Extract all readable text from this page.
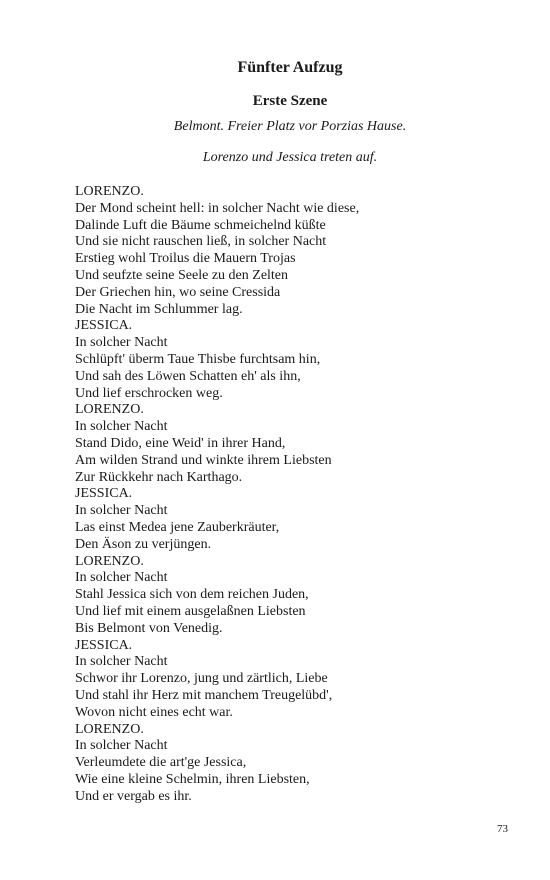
Fünfter Aufzug
Erste Szene
Belmont. Freier Platz vor Porzias Hause.
Lorenzo und Jessica treten auf.
LORENZO.
Der Mond scheint hell: in solcher Nacht wie diese,
Dalinde Luft die Bäume schmeichelnd küßte
Und sie nicht rauschen ließ, in solcher Nacht
Erstieg wohl Troilus die Mauern Trojas
Und seufzte seine Seele zu den Zelten
Der Griechen hin, wo seine Cressida
Die Nacht im Schlummer lag.
JESSICA.
In solcher Nacht
Schlüpft' überm Taue Thisbe furchtsam hin,
Und sah des Löwen Schatten eh' als ihn,
Und lief erschrocken weg.
LORENZO.
In solcher Nacht
Stand Dido, eine Weid' in ihrer Hand,
Am wilden Strand und winkte ihrem Liebsten
Zur Rückkehr nach Karthago.
JESSICA.
In solcher Nacht
Las einst Medea jene Zauberkräuter,
Den Äson zu verjüngen.
LORENZO.
In solcher Nacht
Stahl Jessica sich von dem reichen Juden,
Und lief mit einem ausgelaßnen Liebsten
Bis Belmont von Venedig.
JESSICA.
In solcher Nacht
Schwor ihr Lorenzo, jung und zärtlich, Liebe
Und stahl ihr Herz mit manchem Treugelübd',
Wovon nicht eines echt war.
LORENZO.
In solcher Nacht
Verleumdete die art'ge Jessica,
Wie eine kleine Schelmin, ihren Liebsten,
Und er vergab es ihr.
73
